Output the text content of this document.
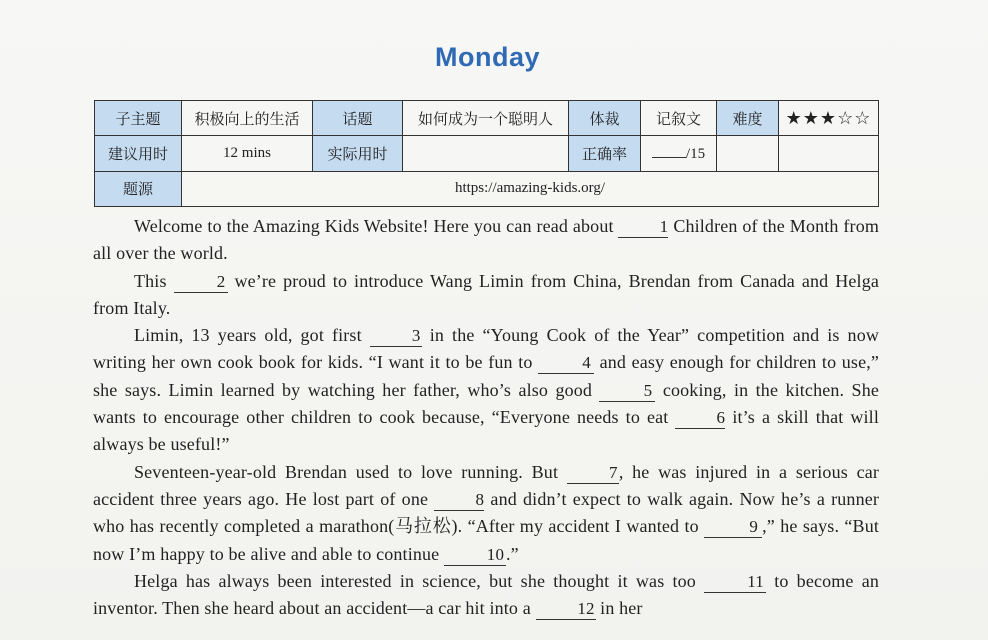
Monday
子主题	积极向上的生活	话题	如何成为一个聪明人	体裁	记叙文	难度	★★★☆☆
建议用时	12 mins	实际用时		正确率	/15		
题源	https://amazing-kids.org/						

Welcome to the Amazing Kids Website! Here you can read about 1 Children of the Month from all over the world.

This	2 we’re proud to introduce Wang Limin from China, Brendan from Canada and Helga from Italy.

Limin, 13 years old, got first 3 in the “Young Cook of the Year” competition and is now writing her own cook book for kids. “I want it to be fun to	4 and easy enough for children to use,” she says. Limin learned by watching her father, who’s also good	5 cooking, in the kitchen. She wants to encourage other children to cook because, “Everyone needs to eat 6 it’s a skill that will always be useful!”

Seventeen-year-old Brendan used to love running. But 7, he was injured in a serious car accident three years ago. He lost part of one 8 and didn’t expect to walk again. Now he’s a runner who has recently completed a marathon(马拉松). “After my accident I wanted to	9 ,” he says. “But now I’m happy to be alive and able to continue	10 .”

Helga has always been interested in science, but she thought it was too	11 to become an inventor. Then she heard about an accident—a car hit into a 12 in her
